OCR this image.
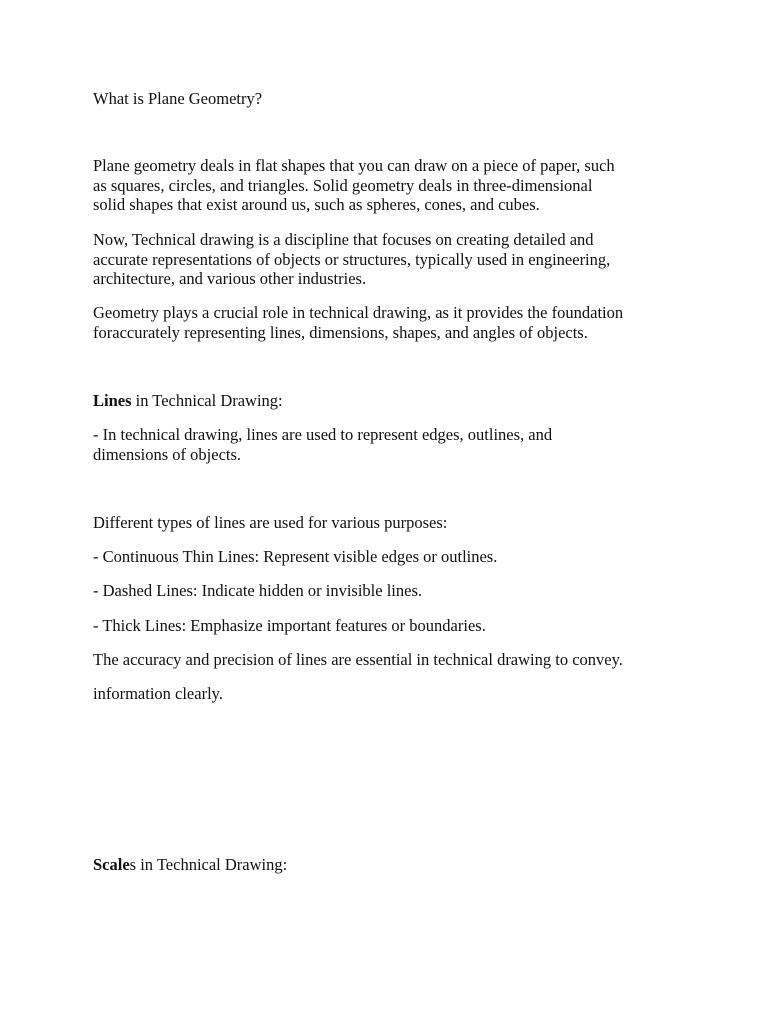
What is Plane Geometry?

Plane geometry deals in flat shapes that you can draw on a piece of paper, such
as squares, circles, and triangles. Solid geometry deals in three-dimensional
solid shapes that exist around us, such as spheres, cones, and cubes.

Now, Technical drawing is a discipline that focuses on creating detailed and
accurate representations of objects or structures, typically used in engineering,
architecture, and various other industries.

Geometry plays a crucial role in technical drawing, as it provides the foundation
foraccurately representing lines, dimensions, shapes, and angles of objects.

Lines in Technical Drawing:

- In technical drawing, lines are used to represent edges, outlines, and
dimensions of objects.

Different types of lines are used for various purposes:

- Continuous Thin Lines: Represent visible edges or outlines.

- Dashed Lines: Indicate hidden or invisible lines.

- Thick Lines: Emphasize important features or boundaries.

The accuracy and precision of lines are essential in technical drawing to convey.

information clearly.

Scales in Technical Drawing:
